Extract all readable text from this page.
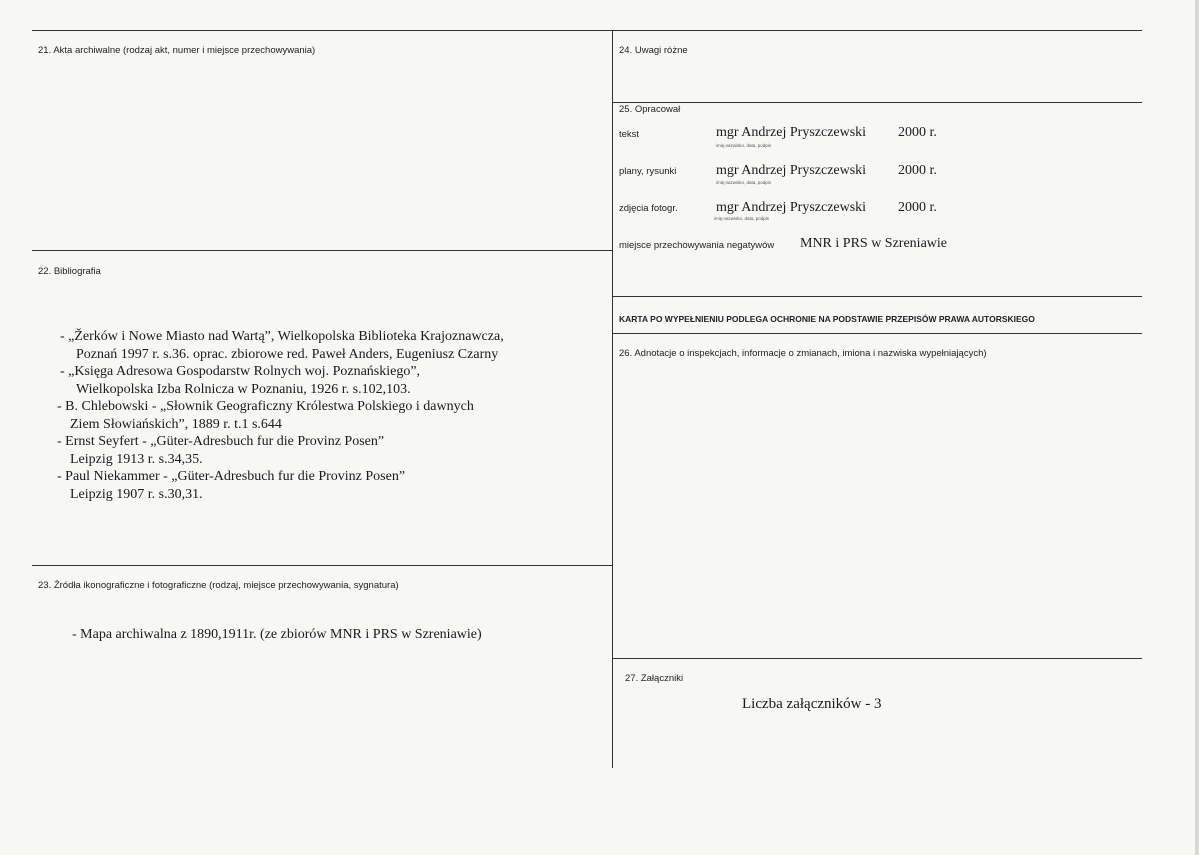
21. Akta archiwalne (rodzaj akt, numer i miejsce przechowywania)
22. Bibliografia
- „Žerków i Nowe Miasto nad Wartą”, Wielkopolska Biblioteka Krajoznawcza,
Poznań 1997 r. s.36. oprac. zbiorowe red. Paweł Anders, Eugeniusz Czarny
- „Księga Adresowa Gospodarstw Rolnych woj. Poznańskiego”,
Wielkopolska Izba Rolnicza w Poznaniu, 1926 r. s.102,103.
- B. Chlebowski - „Słownik Geograficzny Królestwa Polskiego i dawnych
Ziem Słowiańskich”, 1889 r. t.1 s.644
- Ernst Seyfert - „Güter-Adresbuch fur die Provinz Posen”
Leipzig 1913 r. s.34,35.
- Paul Niekammer - „Güter-Adresbuch fur die Provinz Posen”
Leipzig 1907 r. s.30,31.
23. Źródła ikonograficzne i fotograficzne (rodzaj, miejsce przechowywania, sygnatura)
- Mapa archiwalna z 1890,1911r. (ze zbiorów MNR i PRS w Szreniawie)
24. Uwagi różne
25. Opracował
tekst	mgr Andrzej Pryszczewski 2000 r.
imię,nazwisko, data, podpis
plany, rysunki	mgr Andrzej Pryszczewski 2000 r.
imię,nazwisko, data, podpis
zdjęcia fotogr.	mgr Andrzej Pryszczewski 2000 r.
imię,nazwisko, data, podpis
miejsce przechowywania negatywów MNR i PRS w Szreniawie
KARTA PO WYPEŁNIENIU PODLEGA OCHRONIE NA PODSTAWIE PRZEPISÓW PRAWA AUTORSKIEGO
26. Adnotacje o inspekcjach, informacje o zmianach, imiona i nazwiska wypełniających)
27. Załączniki
Liczba załączników - 3
